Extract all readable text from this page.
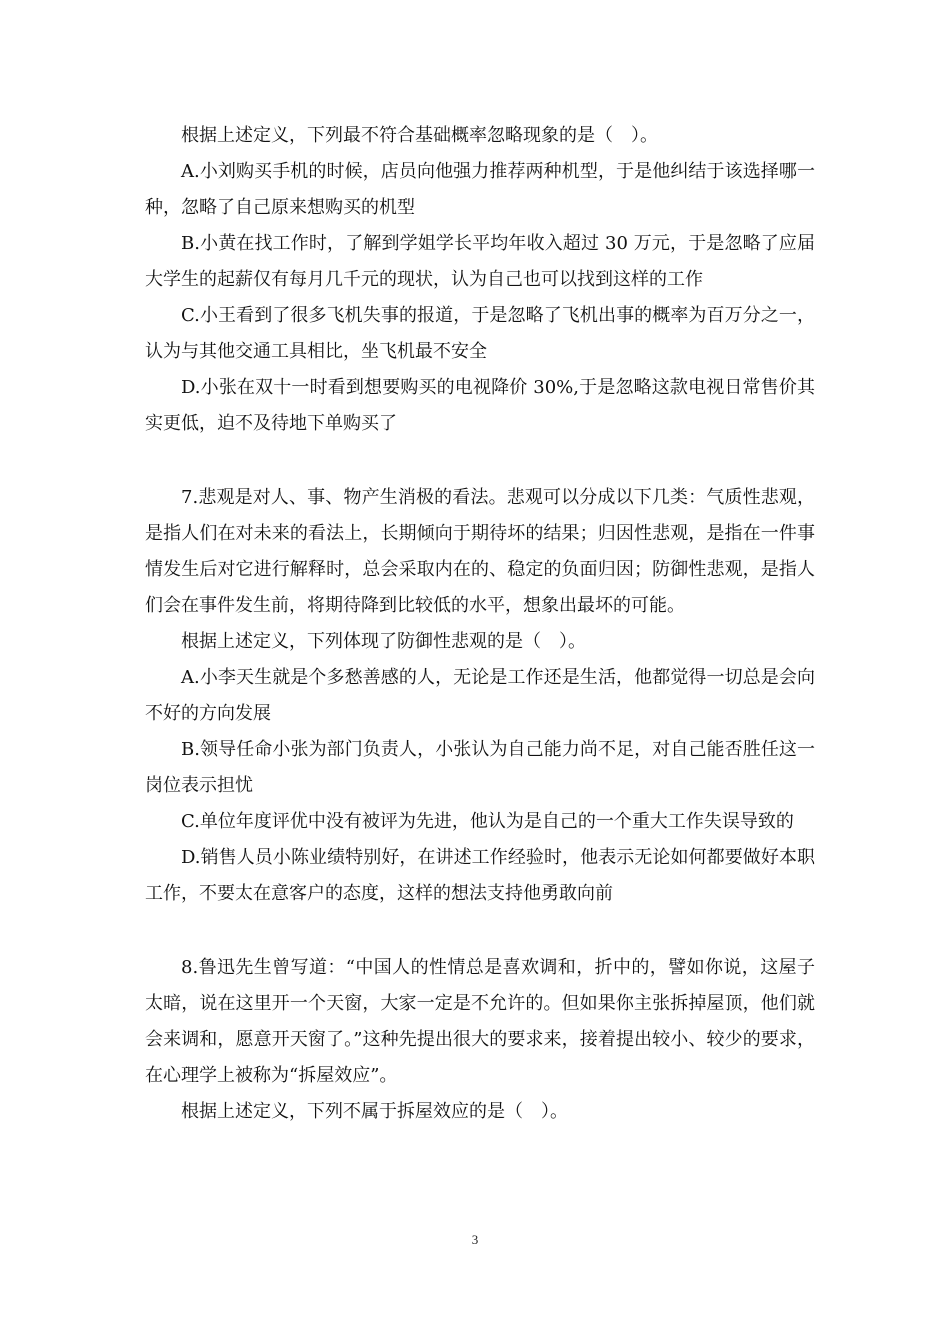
根据上述定义，下列最不符合基础概率忽略现象的是（　）。

A.小刘购买手机的时候，店员向他强力推荐两种机型，于是他纠结于该选择哪一种，忽略了自己原来想购买的机型

B.小黄在找工作时，了解到学姐学长平均年收入超过 30 万元，于是忽略了应届大学生的起薪仅有每月几千元的现状，认为自己也可以找到这样的工作

C.小王看到了很多飞机失事的报道，于是忽略了飞机出事的概率为百万分之一，认为与其他交通工具相比，坐飞机最不安全

D.小张在双十一时看到想要购买的电视降价 30%,于是忽略这款电视日常售价其实更低，迫不及待地下单购买了

7.悲观是对人、事、物产生消极的看法。悲观可以分成以下几类：气质性悲观，是指人们在对未来的看法上，长期倾向于期待坏的结果；归因性悲观，是指在一件事情发生后对它进行解释时，总会采取内在的、稳定的负面归因；防御性悲观，是指人们会在事件发生前，将期待降到比较低的水平，想象出最坏的可能。

根据上述定义，下列体现了防御性悲观的是（　）。

A.小李天生就是个多愁善感的人，无论是工作还是生活，他都觉得一切总是会向不好的方向发展

B.领导任命小张为部门负责人，小张认为自己能力尚不足，对自己能否胜任这一岗位表示担忧

C.单位年度评优中没有被评为先进，他认为是自己的一个重大工作失误导致的

D.销售人员小陈业绩特别好，在讲述工作经验时，他表示无论如何都要做好本职工作，不要太在意客户的态度，这样的想法支持他勇敢向前

8.鲁迅先生曾写道：“中国人的性情总是喜欢调和，折中的，譬如你说，这屋子太暗，说在这里开一个天窗，大家一定是不允许的。但如果你主张拆掉屋顶，他们就会来调和，愿意开天窗了。”这种先提出很大的要求来，接着提出较小、较少的要求，在心理学上被称为“拆屋效应”。

根据上述定义，下列不属于拆屋效应的是（　）。

3
